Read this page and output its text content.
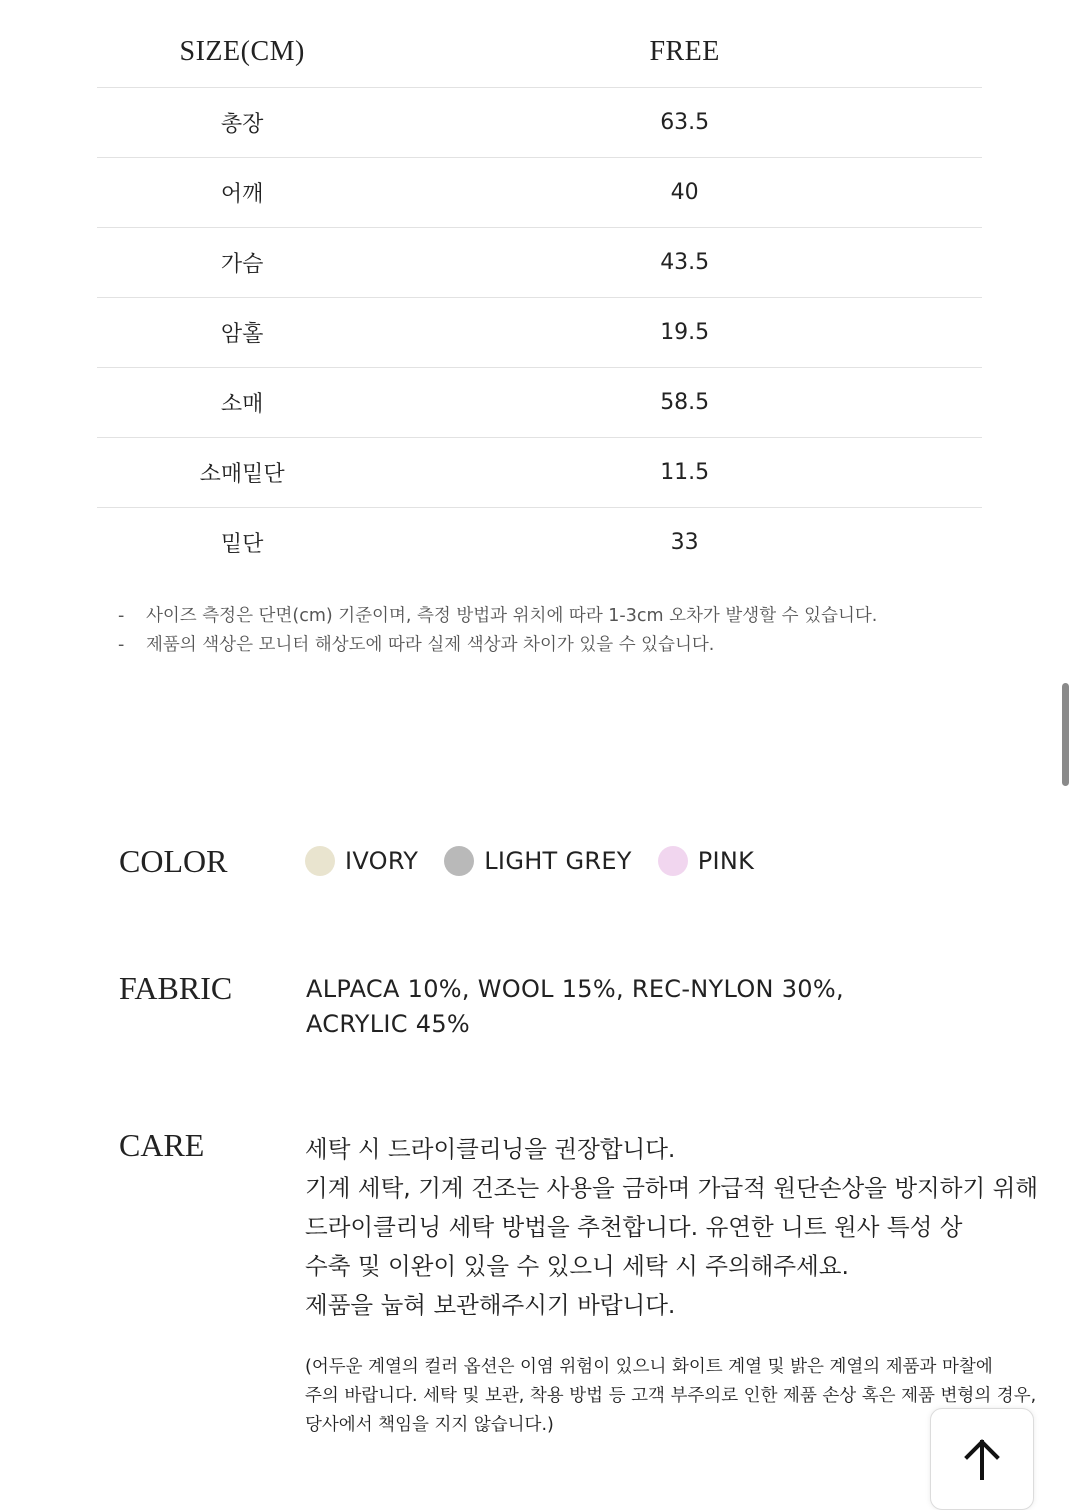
SIZE(CM)	FREE
총장	63.5
어깨	40
가슴	43.5
암홀	19.5
소매	58.5
소매밑단	11.5
밑단	33
-	사이즈 측정은 단면(cm) 기준이며, 측정 방법과 위치에 따라 1-3cm 오차가 발생할 수 있습니다.
-	제품의 색상은 모니터 해상도에 따라 실제 색상과 차이가 있을 수 있습니다.
COLOR	IVORY	LIGHT GREY	PINK
FABRIC	ALPACA 10%, WOOL 15%, REC-NYLON 30%,
ACRYLIC 45%
CARE	세탁 시 드라이클리닝을 권장합니다.
기계 세탁, 기계 건조는 사용을 금하며 가급적 원단손상을 방지하기 위해
드라이클리닝 세탁 방법을 추천합니다. 유연한 니트 원사 특성 상
수축 및 이완이 있을 수 있으니 세탁 시 주의해주세요.
제품을 눕혀 보관해주시기 바랍니다.
(어두운 계열의 컬러 옵션은 이염 위험이 있으니 화이트 계열 및 밝은 계열의 제품과 마찰에
주의 바랍니다. 세탁 및 보관, 착용 방법 등 고객 부주의로 인한 제품 손상 혹은 제품 변형의 경우,
당사에서 책임을 지지 않습니다.)
